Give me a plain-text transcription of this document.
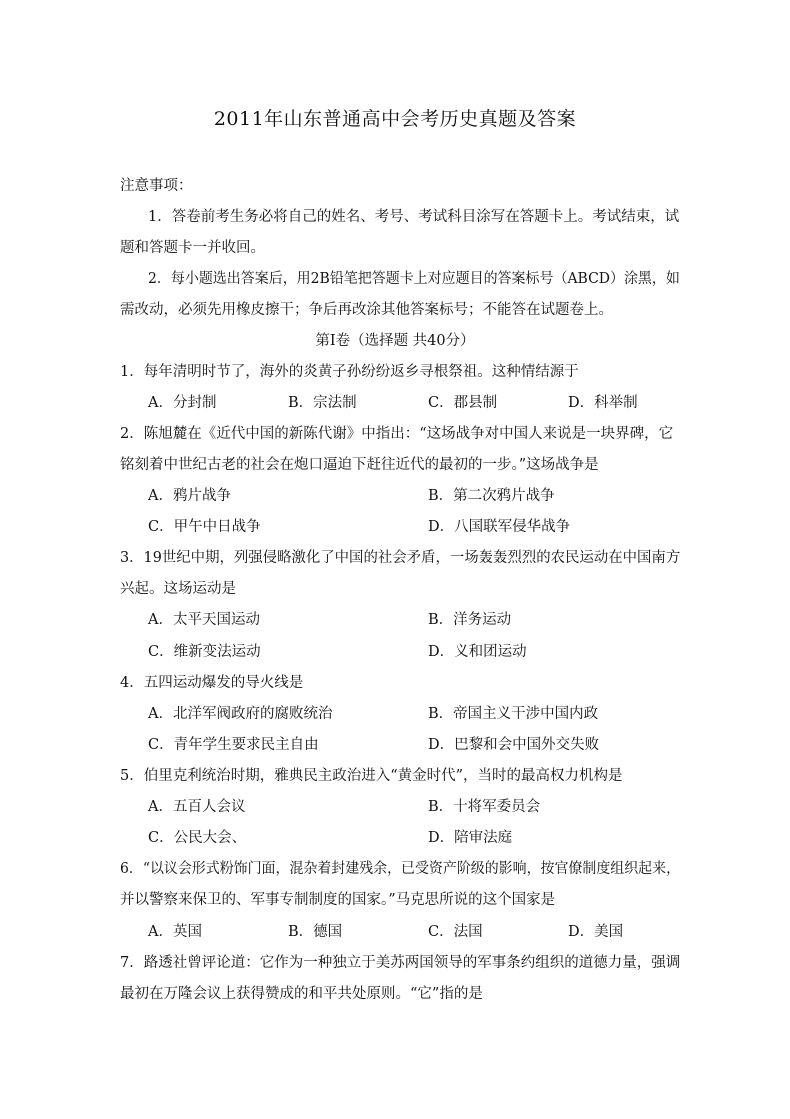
2011年山东普通高中会考历史真题及答案
注意事项：
1．答卷前考生务必将自己的姓名、考号、考试科目涂写在答题卡上。考试结束，试
题和答题卡一并收回。
2．每小题选出答案后，用2B铅笔把答题卡上对应题目的答案标号（ABCD）涂黑，如
需改动，必须先用橡皮擦干；争后再改涂其他答案标号；不能答在试题卷上。
第Ⅰ卷（选择题 共40分）
1．每年清明时节了，海外的炎黄子孙纷纷返乡寻根祭祖。这种情结源于
A．分封制	B．宗法制	C．郡县制	D．科举制
2．陈旭麓在《近代中国的新陈代谢》中指出：“这场战争对中国人来说是一块界碑，它
铭刻着中世纪古老的社会在炮口逼迫下赶往近代的最初的一步。”这场战争是
A．鸦片战争	B．第二次鸦片战争
C．甲午中日战争	D．八国联军侵华战争
3．19世纪中期，列强侵略激化了中国的社会矛盾，一场轰轰烈烈的农民运动在中国南方
兴起。这场运动是
A．太平天国运动	B．洋务运动
C．维新变法运动	D．义和团运动
4．五四运动爆发的导火线是
A．北洋军阀政府的腐败统治	B．帝国主义干涉中国内政
C．青年学生要求民主自由	D．巴黎和会中国外交失败
5．伯里克利统治时期，雅典民主政治进入“黄金时代”，当时的最高权力机构是
A．五百人会议	B．十将军委员会
C．公民大会、	D．陪审法庭
6．“以议会形式粉饰门面，混杂着封建残余，已受资产阶级的影响，按官僚制度组织起来，
并以警察来保卫的、军事专制制度的国家。”马克思所说的这个国家是
A．英国	B．德国	C．法国	D．美国
7．路透社曾评论道：它作为一种独立于美苏两国领导的军事条约组织的道德力量，强调
最初在万隆会议上获得赞成的和平共处原则。“它”指的是
